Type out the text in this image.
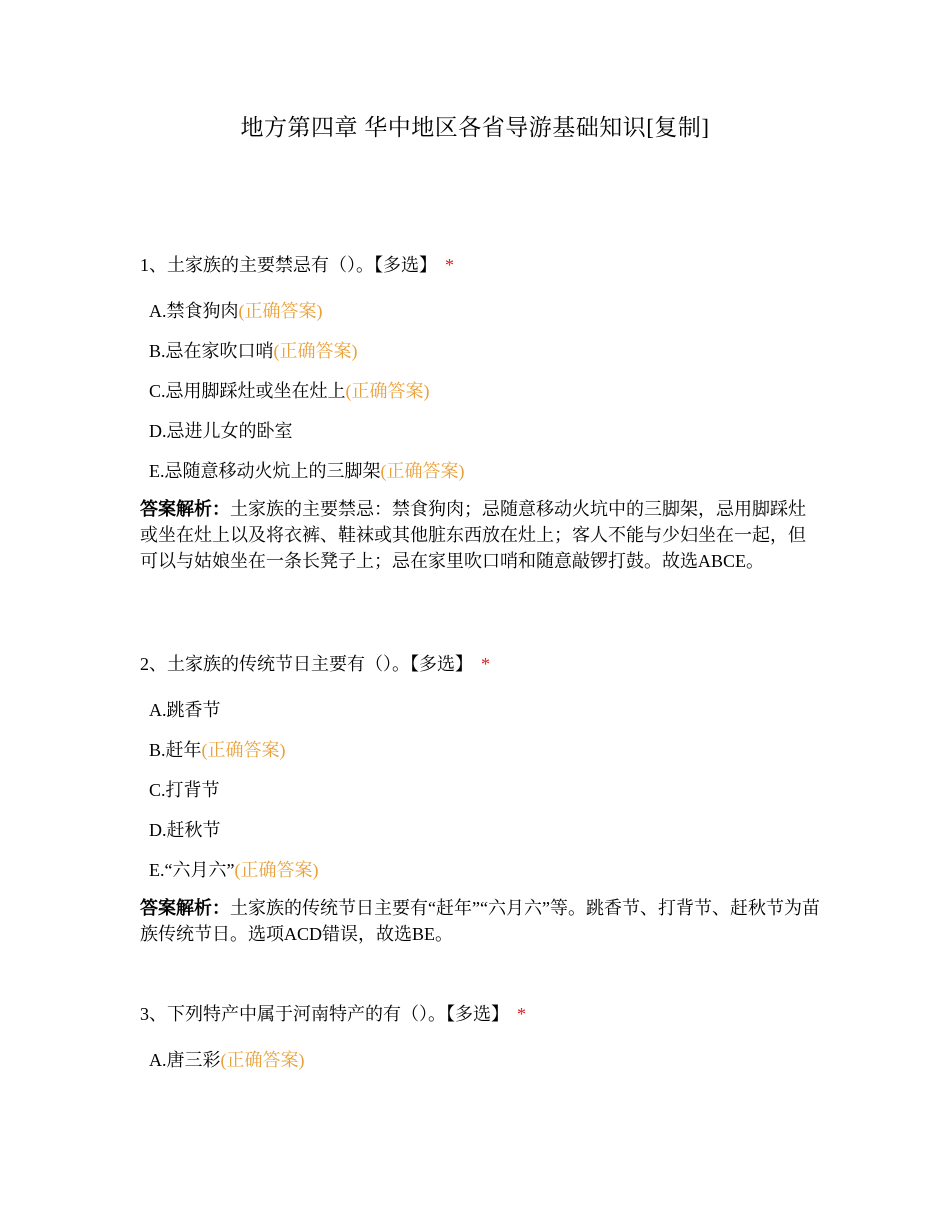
地方第四章 华中地区各省导游基础知识[复制]
1、土家族的主要禁忌有（）。【多选】 *
A.禁食狗肉(正确答案)
B.忌在家吹口哨(正确答案)
C.忌用脚踩灶或坐在灶上(正确答案)
D.忌进儿女的卧室
E.忌随意移动火炕上的三脚架(正确答案)
答案解析：土家族的主要禁忌：禁食狗肉；忌随意移动火坑中的三脚架，忌用脚踩灶或坐在灶上以及将衣裤、鞋袜或其他脏东西放在灶上；客人不能与少妇坐在一起，但可以与姑娘坐在一条长凳子上；忌在家里吹口哨和随意敲锣打鼓。故选ABCE。
2、土家族的传统节日主要有（）。【多选】 *
A.跳香节
B.赶年(正确答案)
C.打背节
D.赶秋节
E.“六月六”(正确答案)
答案解析：土家族的传统节日主要有“赶年”“六月六”等。跳香节、打背节、赶秋节为苗族传统节日。选项ACD错误，故选BE。
3、下列特产中属于河南特产的有（）。【多选】 *
A.唐三彩(正确答案)
